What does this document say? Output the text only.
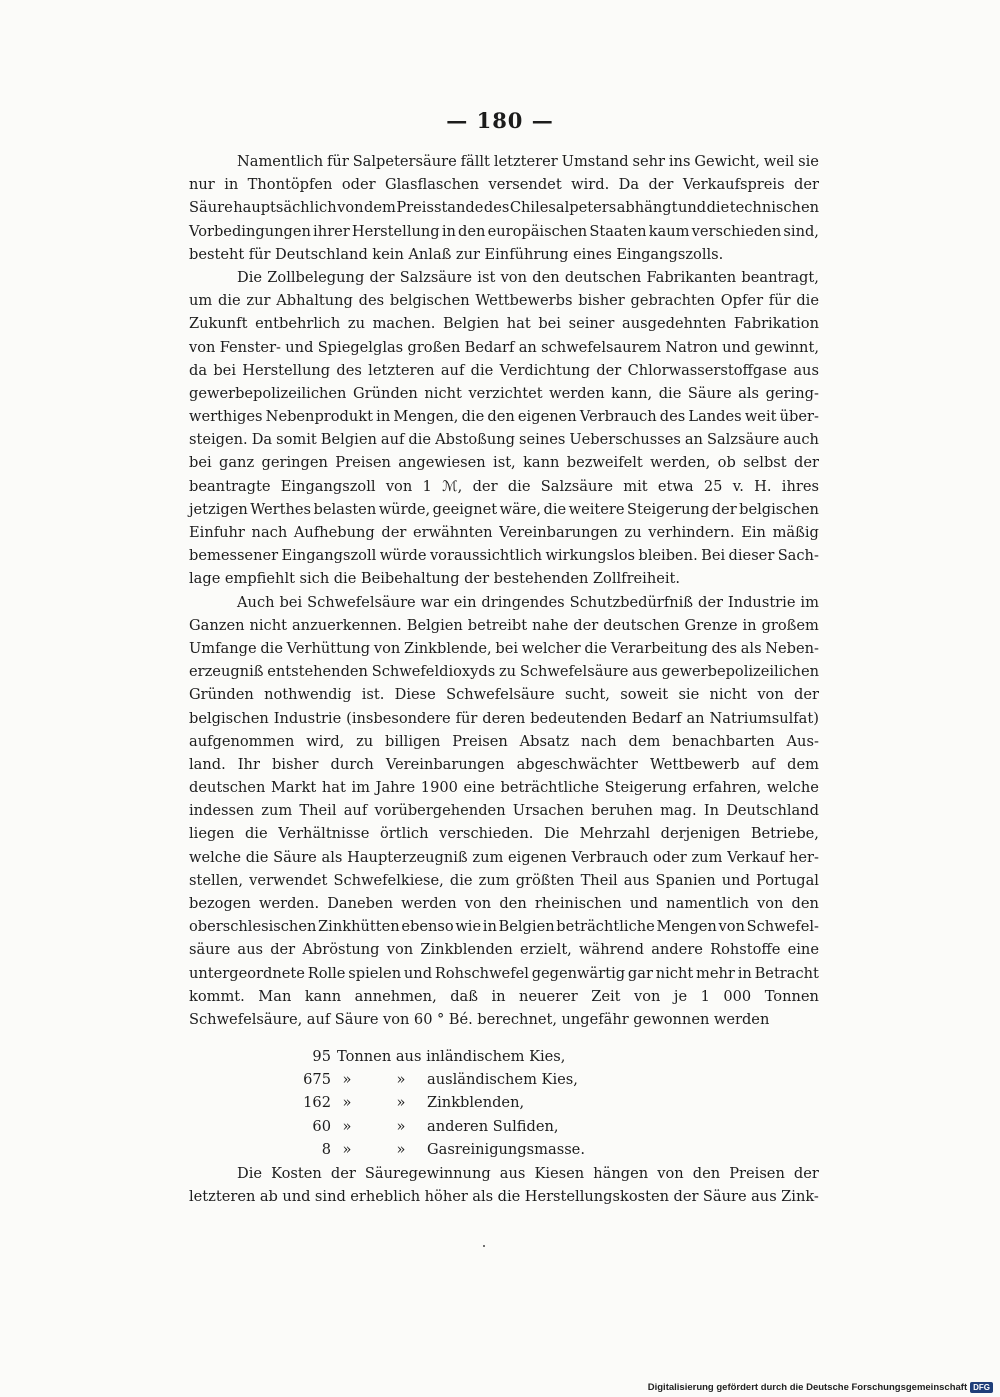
— 180 —
Namentlich für Salpetersäure fällt letzterer Umstand sehr ins Gewicht, weil sie
nur in Thontöpfen oder Glasflaschen versendet wird. Da der Verkaufspreis der
Säure hauptsächlich von dem Preisstande des Chilesalpeters abhängt und die technischen
Vorbedingungen ihrer Herstellung in den europäischen Staaten kaum verschieden sind,
besteht für Deutschland kein Anlaß zur Einführung eines Eingangszolls.
Die Zollbelegung der Salzsäure ist von den deutschen Fabrikanten beantragt,
um die zur Abhaltung des belgischen Wettbewerbs bisher gebrachten Opfer für die
Zukunft entbehrlich zu machen. Belgien hat bei seiner ausgedehnten Fabrikation
von Fenster- und Spiegelglas großen Bedarf an schwefelsaurem Natron und gewinnt,
da bei Herstellung des letzteren auf die Verdichtung der Chlorwasserstoffgase aus
gewerbepolizeilichen Gründen nicht verzichtet werden kann, die Säure als gering-
werthiges Nebenprodukt in Mengen, die den eigenen Verbrauch des Landes weit über-
steigen. Da somit Belgien auf die Abstoßung seines Ueberschusses an Salzsäure auch
bei ganz geringen Preisen angewiesen ist, kann bezweifelt werden, ob selbst der
beantragte Eingangszoll von 1 ℳ, der die Salzsäure mit etwa 25 v. H. ihres
jetzigen Werthes belasten würde, geeignet wäre, die weitere Steigerung der belgischen
Einfuhr nach Aufhebung der erwähnten Vereinbarungen zu verhindern. Ein mäßig
bemessener Eingangszoll würde voraussichtlich wirkungslos bleiben. Bei dieser Sach-
lage empfiehlt sich die Beibehaltung der bestehenden Zollfreiheit.
Auch bei Schwefelsäure war ein dringendes Schutzbedürfniß der Industrie im
Ganzen nicht anzuerkennen. Belgien betreibt nahe der deutschen Grenze in großem
Umfange die Verhüttung von Zinkblende, bei welcher die Verarbeitung des als Neben-
erzeugniß entstehenden Schwefeldioxyds zu Schwefelsäure aus gewerbepolizeilichen
Gründen nothwendig ist. Diese Schwefelsäure sucht, soweit sie nicht von der
belgischen Industrie (insbesondere für deren bedeutenden Bedarf an Natriumsulfat)
aufgenommen wird, zu billigen Preisen Absatz nach dem benachbarten Aus-
land. Ihr bisher durch Vereinbarungen abgeschwächter Wettbewerb auf dem
deutschen Markt hat im Jahre 1900 eine beträchtliche Steigerung erfahren, welche
indessen zum Theil auf vorübergehenden Ursachen beruhen mag. In Deutschland
liegen die Verhältnisse örtlich verschieden. Die Mehrzahl derjenigen Betriebe,
welche die Säure als Haupterzeugniß zum eigenen Verbrauch oder zum Verkauf her-
stellen, verwendet Schwefelkiese, die zum größten Theil aus Spanien und Portugal
bezogen werden. Daneben werden von den rheinischen und namentlich von den
oberschlesischen Zinkhütten ebenso wie in Belgien beträchtliche Mengen von Schwefel-
säure aus der Abröstung von Zinkblenden erzielt, während andere Rohstoffe eine
untergeordnete Rolle spielen und Rohschwefel gegenwärtig gar nicht mehr in Betracht
kommt. Man kann annehmen, daß in neuerer Zeit von je 1 000 Tonnen
Schwefelsäure, auf Säure von 60 ° Bé. berechnet, ungefähr gewonnen werden
95 Tonnen aus inländischem Kies,
675 »	»	ausländischem Kies,
162 »	»	Zinkblenden,
60 »	»	anderen Sulfiden,
8 »	»	Gasreinigungsmasse.
Die Kosten der Säuregewinnung aus Kiesen hängen von den Preisen der
letzteren ab und sind erheblich höher als die Herstellungskosten der Säure aus Zink-
Digitalisierung gefördert durch die Deutsche Forschungsgemeinschaft DFG
